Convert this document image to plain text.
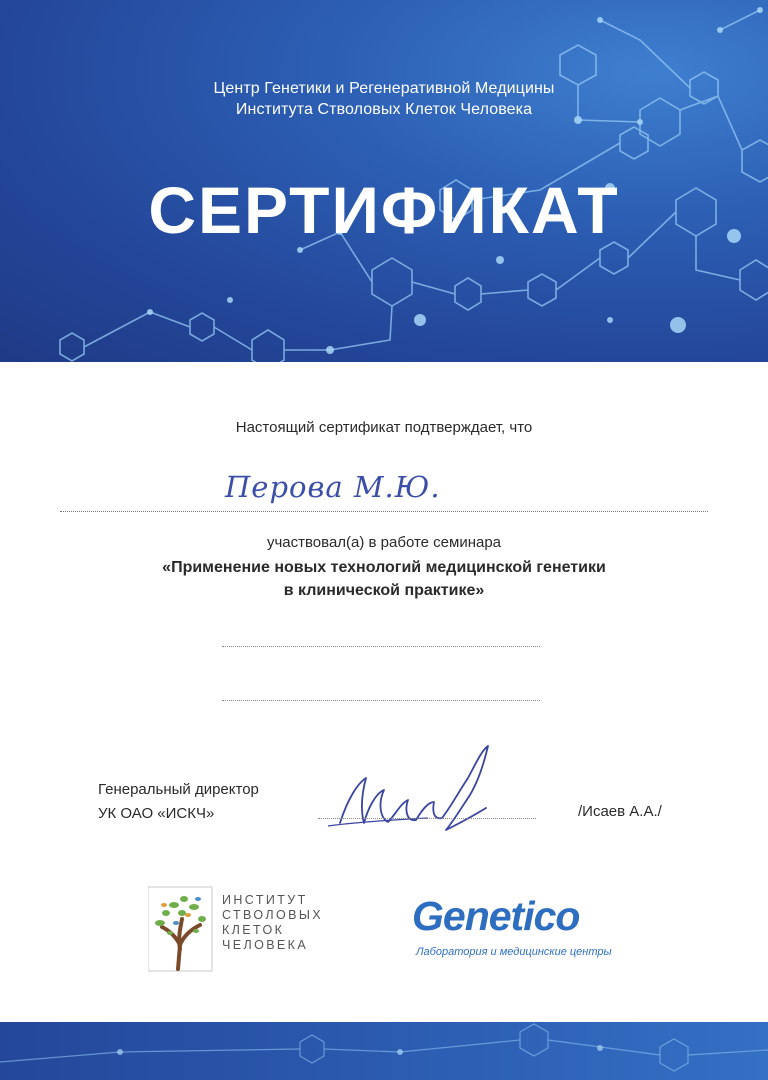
Центр Генетики и Регенеративной Медицины
Института Стволовых Клеток Человека
СЕРТИФИКАТ
Настоящий сертификат подтверждает, что
Перова М.Ю.
участвовал(а) в работе семинара
«Применение новых технологий медицинской генетики
в клинической практике»
Генеральный директор
УК ОАО «ИСКЧ»	/Исаев А.А./
ИНСТИТУТ
СТВОЛОВЫХ
КЛЕТОК
ЧЕЛОВЕКА
Genetico
Лаборатория и медицинские центры
